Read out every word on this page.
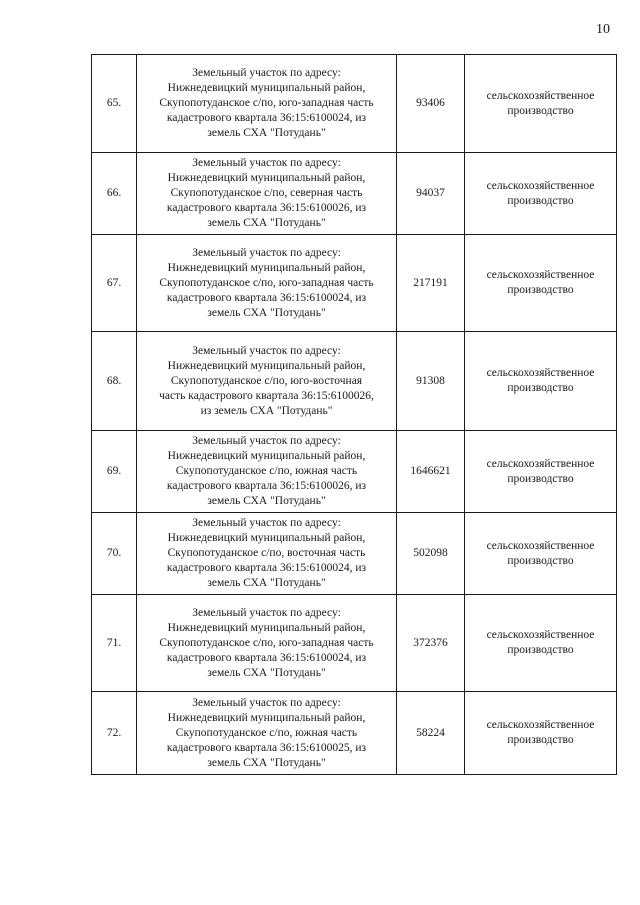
10
65.	Земельный участок по адресу:
Нижнедевицкий муниципальный район,
Скупопотуданское с/по, юго-западная часть
кадастрового квартала 36:15:6100024, из
земель СХА "Потудань"	93406	сельскохозяйственное
производство
66.	Земельный участок по адресу:
Нижнедевицкий муниципальный район,
Скупопотуданское с/по, северная часть
кадастрового квартала 36:15:6100026, из
земель СХА "Потудань"	94037	сельскохозяйственное
производство
67.	Земельный участок по адресу:
Нижнедевицкий муниципальный район,
Скупопотуданское с/по, юго-западная часть
кадастрового квартала 36:15:6100024, из
земель СХА "Потудань"	217191	сельскохозяйственное
производство
68.	Земельный участок по адресу:
Нижнедевицкий муниципальный район,
Скупопотуданское с/по, юго-восточная
часть кадастрового квартала 36:15:6100026,
из земель СХА "Потудань"	91308	сельскохозяйственное
производство
69.	Земельный участок по адресу:
Нижнедевицкий муниципальный район,
Скупопотуданское с/по, южная часть
кадастрового квартала 36:15:6100026, из
земель СХА "Потудань"	1646621	сельскохозяйственное
производство
70.	Земельный участок по адресу:
Нижнедевицкий муниципальный район,
Скупопотуданское с/по, восточная часть
кадастрового квартала 36:15:6100024, из
земель СХА "Потудань"	502098	сельскохозяйственное
производство
71.	Земельный участок по адресу:
Нижнедевицкий муниципальный район,
Скупопотуданское с/по, юго-западная часть
кадастрового квартала 36:15:6100024, из
земель СХА "Потудань"	372376	сельскохозяйственное
производство
72.	Земельный участок по адресу:
Нижнедевицкий муниципальный район,
Скупопотуданское с/по, южная часть
кадастрового квартала 36:15:6100025, из
земель СХА "Потудань"	58224	сельскохозяйственное
производство
